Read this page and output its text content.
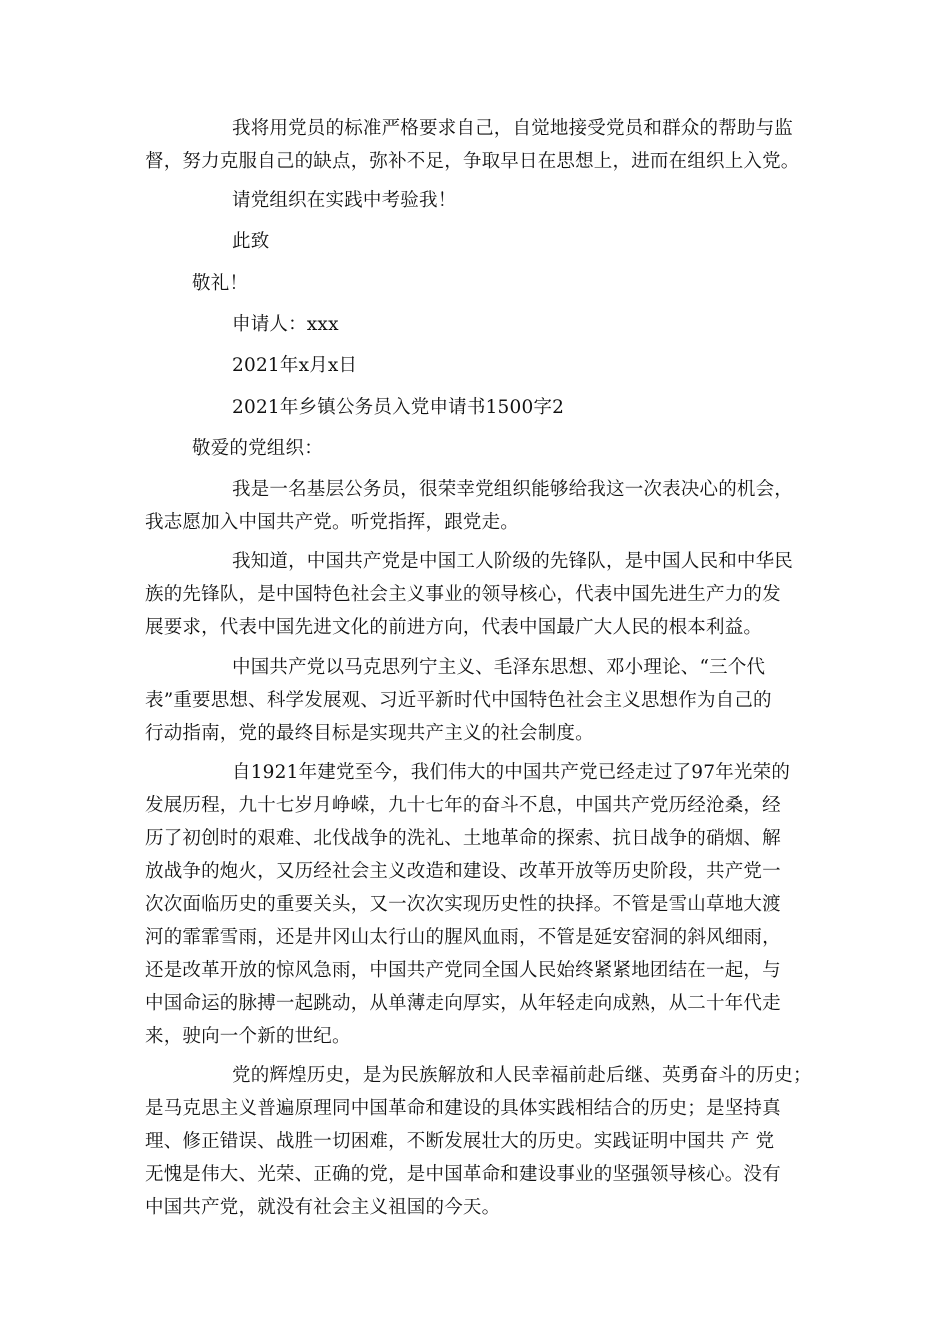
我将用党员的标准严格要求自己，自觉地接受党员和群众的帮助与监
督，努力克服自己的缺点，弥补不足，争取早日在思想上，进而在组织上入党。

请党组织在实践中考验我！

此致

敬礼！

申请人：xxx

2021年x月x日

2021年乡镇公务员入党申请书1500字2

敬爱的党组织：

我是一名基层公务员，很荣幸党组织能够给我这一次表决心的机会，
我志愿加入中国共产党。听党指挥，跟党走。

我知道，中国共产党是中国工人阶级的先锋队，是中国人民和中华民
族的先锋队，是中国特色社会主义事业的领导核心，代表中国先进生产力的发
展要求，代表中国先进文化的前进方向，代表中国最广大人民的根本利益。

中国共产党以马克思列宁主义、毛泽东思想、邓小理论、“三个代
表”重要思想、科学发展观、习近平新时代中国特色社会主义思想作为自己的
行动指南，党的最终目标是实现共产主义的社会制度。

自1921年建党至今，我们伟大的中国共产党已经走过了97年光荣的
发展历程，九十七岁月峥嵘，九十七年的奋斗不息，中国共产党历经沧桑，经
历了初创时的艰难、北伐战争的洗礼、土地革命的探索、抗日战争的硝烟、解
放战争的炮火，又历经社会主义改造和建设、改革开放等历史阶段，共产党一
次次面临历史的重要关头，又一次次实现历史性的抉择。不管是雪山草地大渡
河的霏霏雪雨，还是井冈山太行山的腥风血雨，不管是延安窑洞的斜风细雨，
还是改革开放的惊风急雨，中国共产党同全国人民始终紧紧地团结在一起，与
中国命运的脉搏一起跳动，从单薄走向厚实，从年轻走向成熟，从二十年代走
来，驶向一个新的世纪。

党的辉煌历史，是为民族解放和人民幸福前赴后继、英勇奋斗的历史；
是马克思主义普遍原理同中国革命和建设的具体实践相结合的历史；是坚持真
理、修正错误、战胜一切困难，不断发展壮大的历史。实践证明中国共 产 党
无愧是伟大、光荣、正确的党，是中国革命和建设事业的坚强领导核心。没有
中国共产党，就没有社会主义祖国的今天。
